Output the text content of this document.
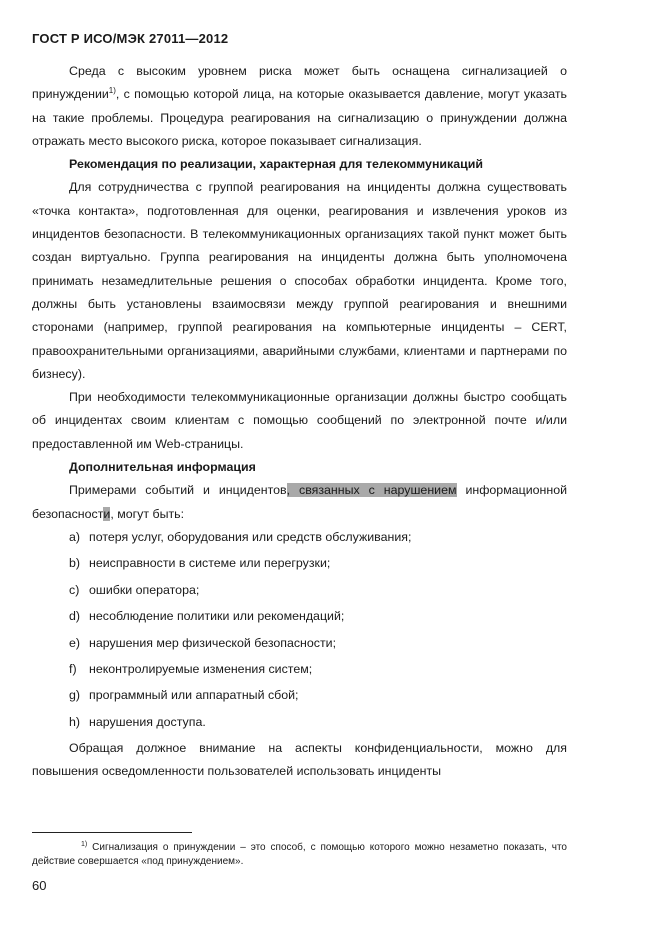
ГОСТ Р ИСО/МЭК 27011—2012

Среда с высоким уровнем риска может быть оснащена сигнализацией о принуждении$^{1)}$, с помощью которой лица, на которые оказывается давление, могут указать на такие проблемы. Процедура реагирования на сигнализацию о принуждении должна отражать место высокого риска, которое показывает сигнализация.

Рекомендация по реализации, характерная для телекоммуникаций

Для сотрудничества с группой реагирования на инциденты должна существовать «точка контакта», подготовленная для оценки, реагирования и извлечения уроков из инцидентов безопасности. В телекоммуникационных организациях такой пункт может быть создан виртуально. Группа реагирования на инциденты должна быть уполномочена принимать незамедлительные решения о способах обработки инцидента. Кроме того, должны быть установлены взаимосвязи между группой реагирования и внешними сторонами (например, группой реагирования на компьютерные инциденты – CERT, правоохранительными организациями, аварийными службами, клиентами и партнерами по бизнесу).

При необходимости телекоммуникационные организации должны быстро сообщать об инцидентах своим клиентам с помощью сообщений по электронной почте и/или предоставленной им Web-страницы.

Дополнительная информация

Примерами событий и инцидентов, связанных с нарушением информационной безопасности, могут быть:

a) потеря услуг, оборудования или средств обслуживания;
b) неисправности в системе или перегрузки;
c) ошибки оператора;
d) несоблюдение политики или рекомендаций;
e) нарушения мер физической безопасности;
f) неконтролируемые изменения систем;
g) программный или аппаратный сбой;
h) нарушения доступа.

Обращая должное внимание на аспекты конфиденциальности, можно для повышения осведомленности пользователей использовать инциденты

$^{1)}$ Сигнализация о принуждении – это способ, с помощью которого можно незаметно показать, что действие совершается «под принуждением».
60
